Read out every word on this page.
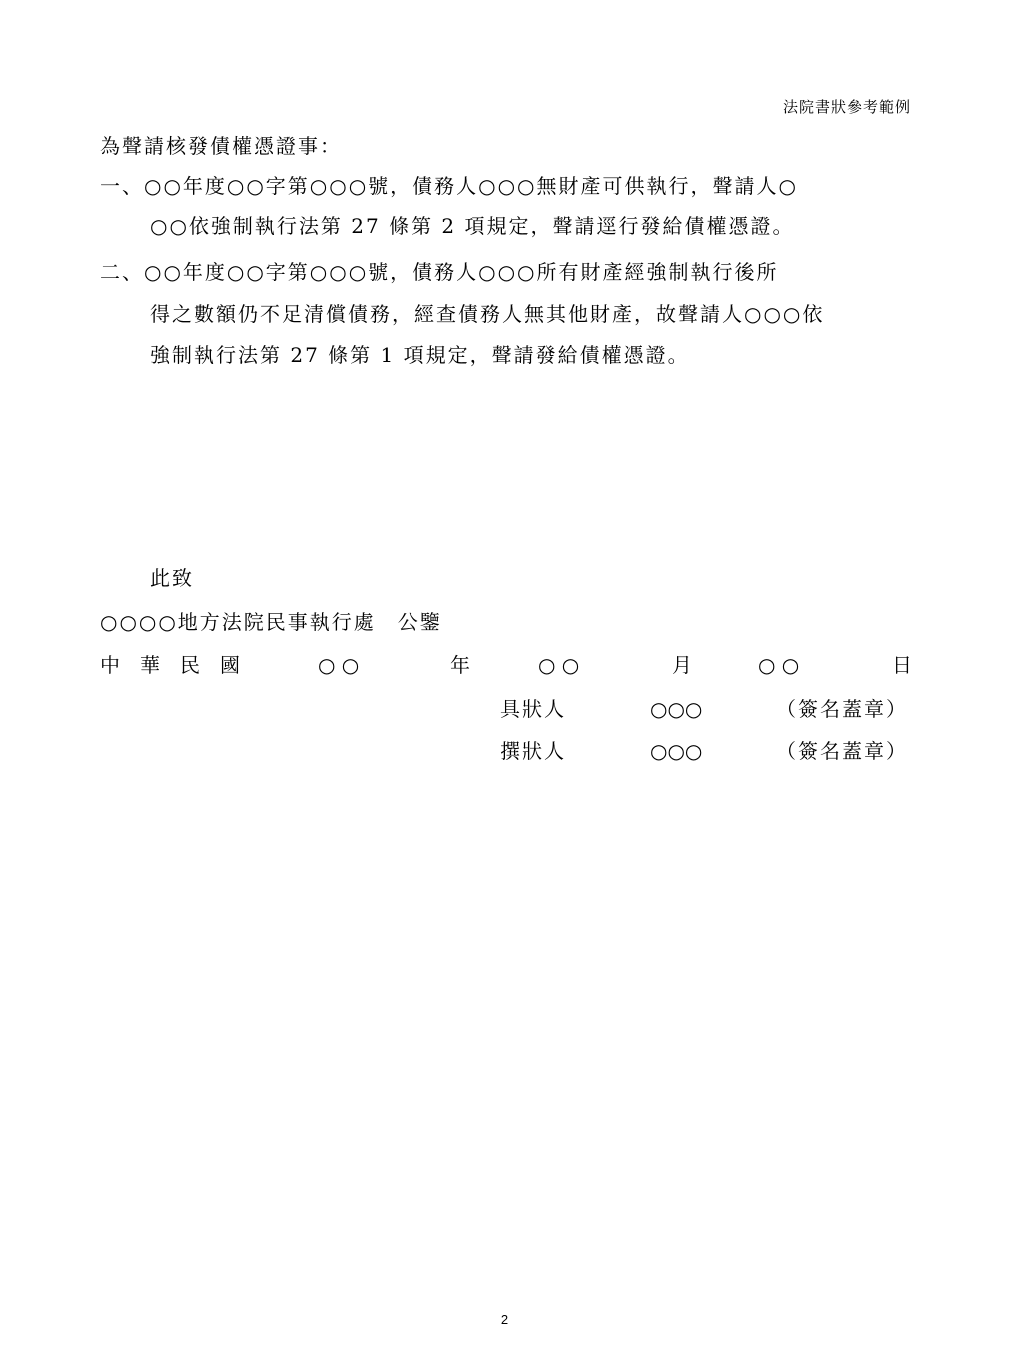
法院書狀參考範例
為聲請核發債權憑證事：
一、○○年度○○字第○○○號，債務人○○○無財產可供執行，聲請人○
○○依強制執行法第 27 條第 2 項規定，聲請逕行發給債權憑證。
二、○○年度○○字第○○○號，債務人○○○所有財產經強制執行後所
得之數額仍不足清償債務，經查債務人無其他財產，故聲請人○○○依
強制執行法第 27 條第 1 項規定，聲請發給債權憑證。
此致
○○○○地方法院民事執行處　公鑒
中　華　民　國	○ ○	年	○ ○	月	○ ○	日
具狀人	○○○	（簽名蓋章）
撰狀人	○○○	（簽名蓋章）
2
